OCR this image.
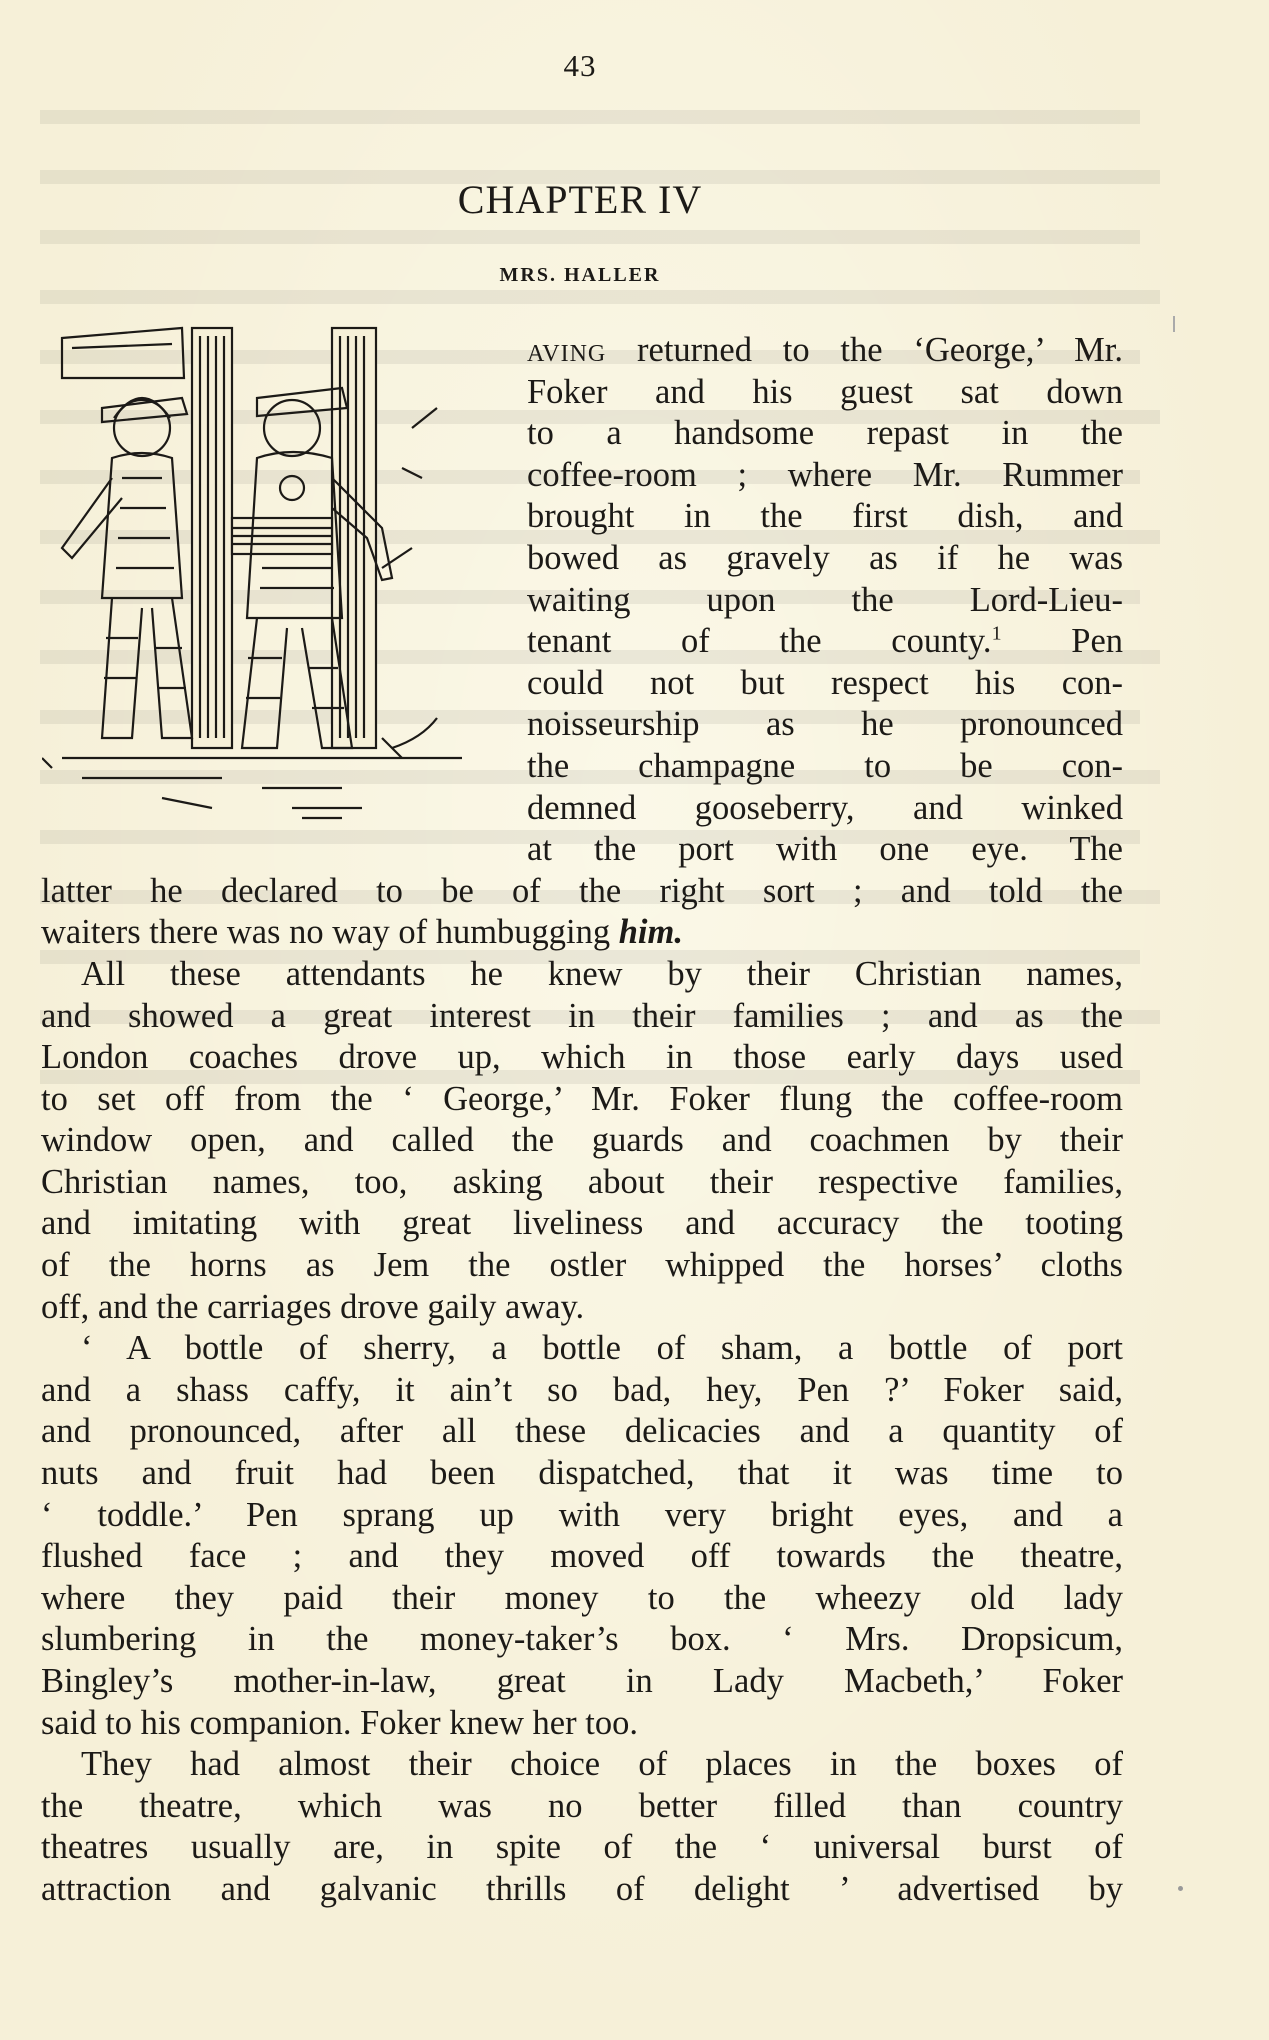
43
CHAPTER IV
MRS. HALLER
aving returned to the ‘George,’ Mr.
Foker and his guest sat down
to a handsome repast in the
coffee-room ; where Mr. Rummer
brought in the first dish, and
bowed as gravely as if he was
waiting upon the Lord-Lieu-
tenant of the county.$^1$ Pen
could not but respect his con-
noisseurship as he pronounced
the champagne to be con-
demned gooseberry, and winked
at the port with one eye. The
latter he declared to be of the right sort ; and told the
waiters there was no way of humbugging him.
All these attendants he knew by their Christian names,
and showed a great interest in their families ; and as the
London coaches drove up, which in those early days used
to set off from the ‘ George,’ Mr. Foker flung the coffee-room
window open, and called the guards and coachmen by their
Christian names, too, asking about their respective families,
and imitating with great liveliness and accuracy the tooting
of the horns as Jem the ostler whipped the horses’ cloths
off, and the carriages drove gaily away.
‘ A bottle of sherry, a bottle of sham, a bottle of port
and a shass caffy, it ain’t so bad, hey, Pen ?’ Foker said,
and pronounced, after all these delicacies and a quantity of
nuts and fruit had been dispatched, that it was time to
‘ toddle.’ Pen sprang up with very bright eyes, and a
flushed face ; and they moved off towards the theatre,
where they paid their money to the wheezy old lady
slumbering in the money-taker’s box. ‘ Mrs. Dropsicum,
Bingley’s mother-in-law, great in Lady Macbeth,’ Foker
said to his companion. Foker knew her too.
They had almost their choice of places in the boxes of
the theatre, which was no better filled than country
theatres usually are, in spite of the ‘ universal burst of
attraction and galvanic thrills of delight ’ advertised by
